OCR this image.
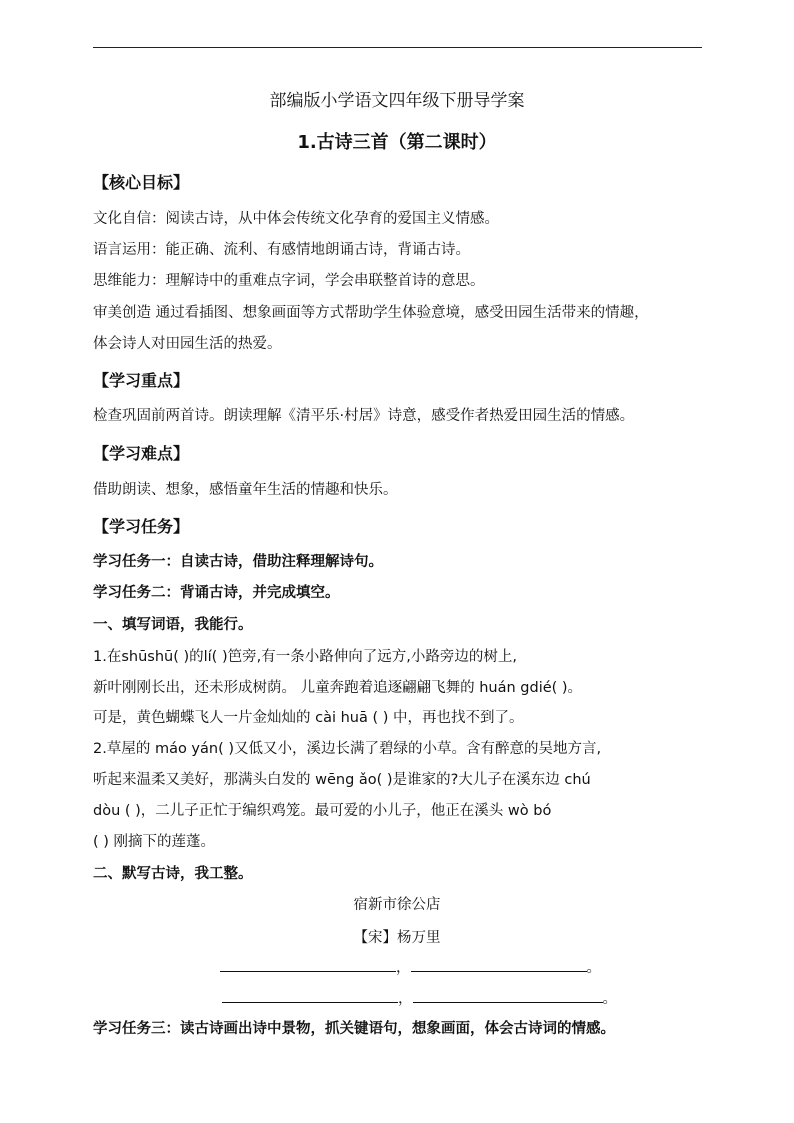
部编版小学语文四年级下册导学案
1.古诗三首（第二课时）
【核心目标】
文化自信：阅读古诗，从中体会传统文化孕育的爱国主义情感。
语言运用：能正确、流利、有感情地朗诵古诗，背诵古诗。
思维能力：理解诗中的重难点字词，学会串联整首诗的意思。
审美创造 通过看插图、想象画面等方式帮助学生体验意境，感受田园生活带来的情趣，
体会诗人对田园生活的热爱。
【学习重点】
检查巩固前两首诗。朗读理解《清平乐·村居》诗意，感受作者热爱田园生活的情感。
【学习难点】
借助朗读、想象，感悟童年生活的情趣和快乐。
【学习任务】
学习任务一：自读古诗，借助注释理解诗句。
学习任务二：背诵古诗，并完成填空。
一、填写词语，我能行。
1.在shūshū( )的lí( )笆旁,有一条小路伸向了远方,小路旁边的树上,
新叶刚刚长出，还未形成树荫。 儿童奔跑着追逐翩翩飞舞的 huán gdié( )。
可是，黄色蝴蝶飞人一片金灿灿的 cài huā ( ) 中，再也找不到了。
2.草屋的 máo yán( )又低又小，溪边长满了碧绿的小草。含有醉意的吴地方言,
听起来温柔又美好，那满头白发的 wēng ǎo( )是谁家的?大儿子在溪东边 chú
dòu ( )，二儿子正忙于编织鸡笼。最可爱的小儿子，他正在溪头 wò bó
( ) 刚摘下的莲蓬。
二、默写古诗，我工整。
宿新市徐公店
【宋】杨万里
，	。
，	。
学习任务三：读古诗画出诗中景物，抓关键语句，想象画面，体会古诗词的情感。
